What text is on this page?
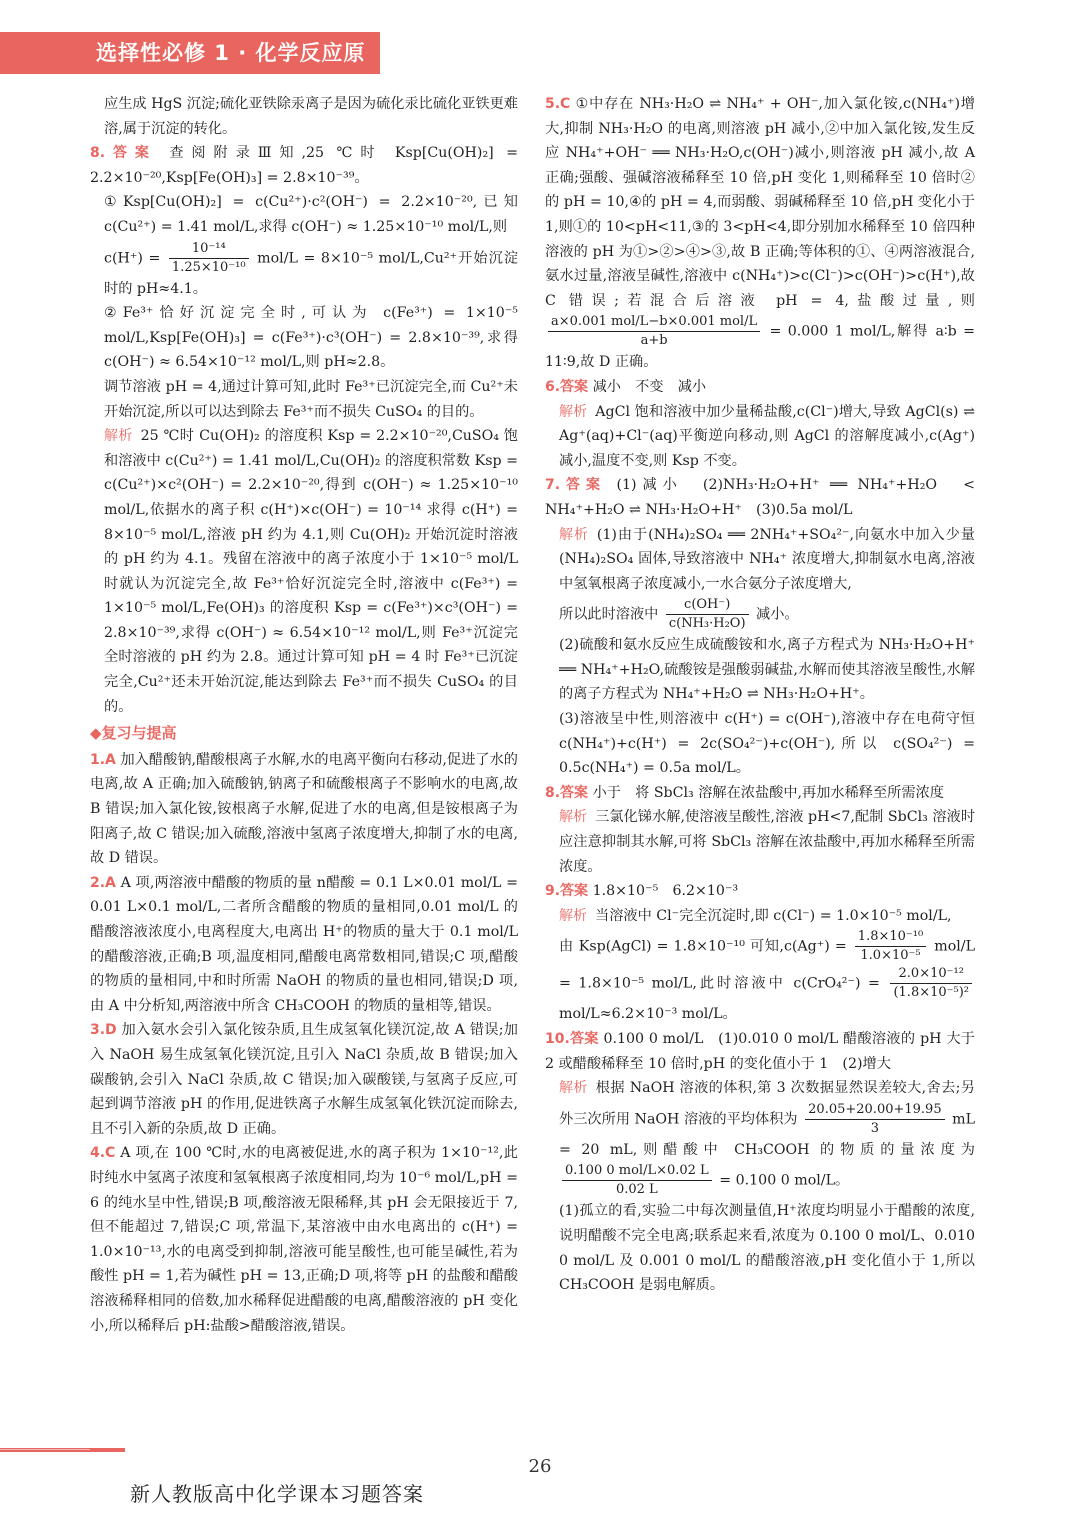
选择性必修 1 · 化学反应原理

应生成 HgS 沉淀;硫化亚铁除汞离子是因为硫化汞比硫化亚铁更难溶,属于沉淀的转化。

8.答案 查阅附录Ⅲ知,25 ℃时 Ksp[Cu(OH)₂] = 2.2×10⁻²⁰,Ksp[Fe(OH)₃] = 2.8×10⁻³⁹。

①Ksp[Cu(OH)₂] = c(Cu²⁺)·c²(OH⁻) = 2.2×10⁻²⁰,已知 c(Cu²⁺) = 1.41 mol/L,求得 c(OH⁻) ≈ 1.25×10⁻¹⁰ mol/L,则

$c(H^+) = \frac{\text{10⁻¹⁴}}{\text{1.25×10⁻¹⁰}} mol/L = 8\times 10^{-5}$ mol/L,Cu²⁺开始沉淀时的 pH≈4.1。

②Fe³⁺恰好沉淀完全时,可认为 c(Fe³⁺) = 1×10⁻⁵ mol/L,Ksp[Fe(OH)₃] = c(Fe³⁺)·c³(OH⁻) = 2.8×10⁻³⁹,求得 c(OH⁻) ≈ 6.54×10⁻¹² mol/L,则 pH≈2.8。

调节溶液 pH = 4,通过计算可知,此时 Fe³⁺已沉淀完全,而 Cu²⁺未开始沉淀,所以可以达到除去 Fe³⁺而不损失 CuSO₄ 的目的。

解析 25 ℃时 Cu(OH)₂ 的溶度积 Ksp = 2.2×10⁻²⁰,CuSO₄ 饱和溶液中 c(Cu²⁺) = 1.41 mol/L,Cu(OH)₂ 的溶度积常数 Ksp = c(Cu²⁺)×c²(OH⁻) = 2.2×10⁻²⁰,得到 c(OH⁻) ≈ 1.25×10⁻¹⁰ mol/L,依据水的离子积 c(H⁺)×c(OH⁻) = 10⁻¹⁴ 求得 c(H⁺) = 8×10⁻⁵ mol/L,溶液 pH 约为 4.1,则 Cu(OH)₂ 开始沉淀时溶液的 pH 约为 4.1。残留在溶液中的离子浓度小于 1×10⁻⁵ mol/L 时就认为沉淀完全,故 Fe³⁺恰好沉淀完全时,溶液中 c(Fe³⁺) = 1×10⁻⁵ mol/L,Fe(OH)₃ 的溶度积 Ksp = c(Fe³⁺)×c³(OH⁻) = 2.8×10⁻³⁹,求得 c(OH⁻) ≈ 6.54×10⁻¹² mol/L,则 Fe³⁺沉淀完全时溶液的 pH 约为 2.8。通过计算可知 pH = 4 时 Fe³⁺已沉淀完全,Cu²⁺还未开始沉淀,能达到除去 Fe³⁺而不损失 CuSO₄ 的目的。

◆复习与提高
1.A 加入醋酸钠,醋酸根离子水解,水的电离平衡向右移动,促进了水的电离,故 A 正确;加入硫酸钠,钠离子和硫酸根离子不影响水的电离,故 B 错误;加入氯化铵,铵根离子水解,促进了水的电离,但是铵根离子为阳离子,故 C 错误;加入硫酸,溶液中氢离子浓度增大,抑制了水的电离,故 D 错误。
2.A A 项,两溶液中醋酸的物质的量 n醋酸 = 0.1 L×0.01 mol/L = 0.01 L×0.1 mol/L,二者所含醋酸的物质的量相同,0.01 mol/L 的醋酸溶液浓度小,电离程度大,电离出 H⁺的物质的量大于 0.1 mol/L 的醋酸溶液,正确;B 项,温度相同,醋酸电离常数相同,错误;C 项,醋酸的物质的量相同,中和时所需 NaOH 的物质的量也相同,错误;D 项,由 A 中分析知,两溶液中所含 CH₃COOH 的物质的量相等,错误。
3.D 加入氨水会引入氯化铵杂质,且生成氢氧化镁沉淀,故 A 错误;加入 NaOH 易生成氢氧化镁沉淀,且引入 NaCl 杂质,故 B 错误;加入碳酸钠,会引入 NaCl 杂质,故 C 错误;加入碳酸镁,与氢离子反应,可起到调节溶液 pH 的作用,促进铁离子水解生成氢氧化铁沉淀而除去,且不引入新的杂质,故 D 正确。
4.C A 项,在 100 ℃时,水的电离被促进,水的离子积为 1×10⁻¹²,此时纯水中氢离子浓度和氢氧根离子浓度相同,均为 10⁻⁶ mol/L,pH = 6 的纯水呈中性,错误;B 项,酸溶液无限稀释,其 pH 会无限接近于 7,但不能超过 7,错误;C 项,常温下,某溶液中由水电离出的 c(H⁺) = 1.0×10⁻¹³,水的电离受到抑制,溶液可能呈酸性,也可能呈碱性,若为酸性 pH = 1,若为碱性 pH = 13,正确;D 项,将等 pH 的盐酸和醋酸溶液稀释相同的倍数,加水稀释促进醋酸的电离,醋酸溶液的 pH 变化小,所以稀释后 pH:盐酸>醋酸溶液,错误。
5.C ①中存在 NH₃·H₂O ⇌ NH₄⁺ + OH⁻,加入氯化铵,c(NH₄⁺)增大,抑制 NH₃·H₂O 的电离,则溶液 pH 减小,②中加入氯化铵,发生反应 NH₄⁺+OH⁻ ══ NH₃·H₂O,c(OH⁻)减小,则溶液 pH 减小,故 A 正确;强酸、强碱溶液稀释至 10 倍,pH 变化 1,则稀释至 10 倍时②的 pH = 10,④的 pH = 4,而弱酸、弱碱稀释至 10 倍,pH 变化小于 1,则①的 10<pH<11,③的 3<pH<4,即分别加水稀释至 10 倍四种溶液的 pH 为①>②>④>③,故 B 正确;等体积的①、④两溶液混合,氨水过量,溶液呈碱性,溶液中 c(NH₄⁺)>c(Cl⁻)>c(OH⁻)>c(H⁺),故 C 错误;若混合后溶液 pH = 4,盐酸过量,则
$\frac{\text{a×0.001 mol/L−b×0.001 mol/L}}{a+b} = 0.000$ 1 mol/L,解得 a∶b = 11∶9,故 D 正确。
6.答案 减小　不变　减小

解析 AgCl 饱和溶液中加少量稀盐酸,c(Cl⁻)增大,导致 AgCl(s) ⇌ Ag⁺(aq)+Cl⁻(aq)平衡逆向移动,则 AgCl 的溶解度减小,c(Ag⁺)减小,温度不变,则 Ksp 不变。

7.答案 (1)减小　(2)NH₃·H₂O+H⁺ ══ NH₄⁺+H₂O　<　NH₄⁺+H₂O ⇌ NH₃·H₂O+H⁺　(3)0.5a mol/L

解析 (1)由于(NH₄)₂SO₄ ══ 2NH₄⁺+SO₄²⁻,向氨水中加入少量(NH₄)₂SO₄ 固体,导致溶液中 NH₄⁺ 浓度增大,抑制氨水电离,溶液中氢氧根离子浓度减小,一水合氨分子浓度增大,

所以此时溶液中 $\frac{c(OH^-)}{\text{c(NH₃·H₂O)}}$ 减小。

(2)硫酸和氨水反应生成硫酸铵和水,离子方程式为 NH₃·H₂O+H⁺ ══ NH₄⁺+H₂O,硫酸铵是强酸弱碱盐,水解而使其溶液呈酸性,水解的离子方程式为 NH₄⁺+H₂O ⇌ NH₃·H₂O+H⁺。

(3)溶液呈中性,则溶液中 c(H⁺) = c(OH⁻),溶液中存在电荷守恒 c(NH₄⁺)+c(H⁺) = 2c(SO₄²⁻)+c(OH⁻),所以 c(SO₄²⁻) = 0.5c(NH₄⁺) = 0.5a mol/L。

8.答案 小于　将 SbCl₃ 溶解在浓盐酸中,再加水稀释至所需浓度

解析 三氯化锑水解,使溶液呈酸性,溶液 pH<7,配制 SbCl₃ 溶液时应注意抑制其水解,可将 SbCl₃ 溶解在浓盐酸中,再加水稀释至所需浓度。

9.答案 1.8×10⁻⁵　6.2×10⁻³

解析 当溶液中 Cl⁻完全沉淀时,即 c(Cl⁻) = 1.0×10⁻⁵ mol/L,

由 Ksp(AgCl) = 1.8×10⁻¹⁰ 可知$,c(Ag^+) = \frac{\text{1.8×10⁻¹⁰}}{\text{1.0×10⁻⁵}} mol/L = 1.8\times 10^{-5}$ mol/L,此时溶液中 $c(CrO_4^{2-}) = \frac{\text{2.0×10⁻¹²}}{\text{(1.8×10⁻⁵)²}}$
mol/L≈6.2×10⁻³ mol/L。

10.答案 0.100 0 mol/L　(1)0.010 0 mol/L 醋酸溶液的 pH 大于 2 或醋酸稀释至 10 倍时,pH 的变化值小于 1　(2)增大

解析 根据 NaOH 溶液的体积,第 3 次数据显然误差较大,舍去;另外三次所用 NaOH 溶液的平均体积为 $\frac{20.05+20.00+19.95}{3}$ mL = 20 mL,则醋酸中 CH₃COOH 的物质的量浓度为
$\frac{\text{0.100 0 mol/L×0.02 L}}{0.02 L} = 0.100$ 0 mol/L。

(1)孤立的看,实验二中每次测量值,H⁺浓度均明显小于醋酸的浓度,说明醋酸不完全电离;联系起来看,浓度为 0.100 0 mol/L、0.010 0 mol/L 及 0.001 0 mol/L 的醋酸溶液,pH 变化值小于 1,所以 CH₃COOH 是弱电解质。

26
新人教版高中化学课本习题答案
